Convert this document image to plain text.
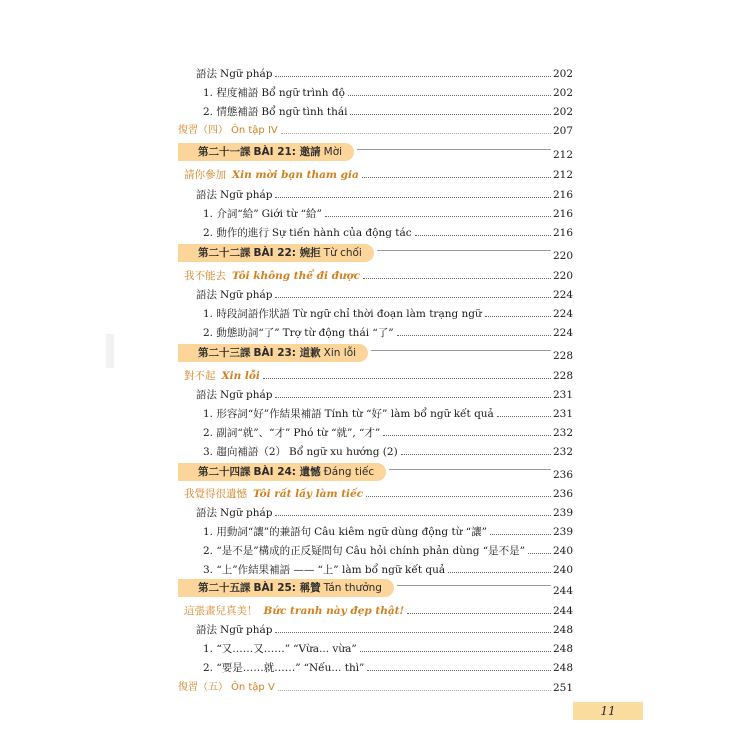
語法 Ngữ pháp	202
1. 程度補語 Bổ ngữ trình độ	202
2. 情態補語 Bổ ngữ tình thái	202
復習（四） Ôn tập IV	207
第二十一課 BÀI 21: 邀請 Mời	212
請你參加 Xin mời bạn tham gia	212
語法 Ngữ pháp	216
1. 介詞“給” Giới từ “給”	216
2. 動作的進行 Sự tiến hành của động tác	216
第二十二課 BÀI 22: 婉拒 Từ chối	220
我不能去 Tôi không thể đi được	220
語法 Ngữ pháp	224
1. 時段詞語作狀語 Từ ngữ chỉ thời đoạn làm trạng ngữ	224
2. 動態助詞“了” Trợ từ động thái “了”	224
第二十三課 BÀI 23: 道歉 Xin lỗi	228
對不起 Xin lỗi	228
語法 Ngữ pháp	231
1. 形容詞“好”作結果補語 Tính từ “好” làm bổ ngữ kết quả	231
2. 副詞“就”、“才” Phó từ “就”, “才”	232
3. 趨向補語（2） Bổ ngữ xu hướng (2)	232
第二十四課 BÀI 24: 遺憾 Đáng tiếc	236
我覺得很遺憾 Tôi rất lấy làm tiếc	236
語法 Ngữ pháp	239
1. 用動詞“讓”的兼語句 Câu kiêm ngữ dùng động từ “讓”	239
2. “是不是”構成的正反疑問句 Câu hỏi chính phản dùng “是不是”	240
3. “上”作結果補語 —— “上” làm bổ ngữ kết quả	240
第二十五課 BÀI 25: 稱贊 Tán thưởng	244
這張畫兒真美！ Bức tranh này đẹp thật!	244
語法 Ngữ pháp	248
1. “又……又……” “Vừa... vừa”	248
2. “要是……就……” “Nếu... thì”	248
復習（五） Ôn tập V	251
11
